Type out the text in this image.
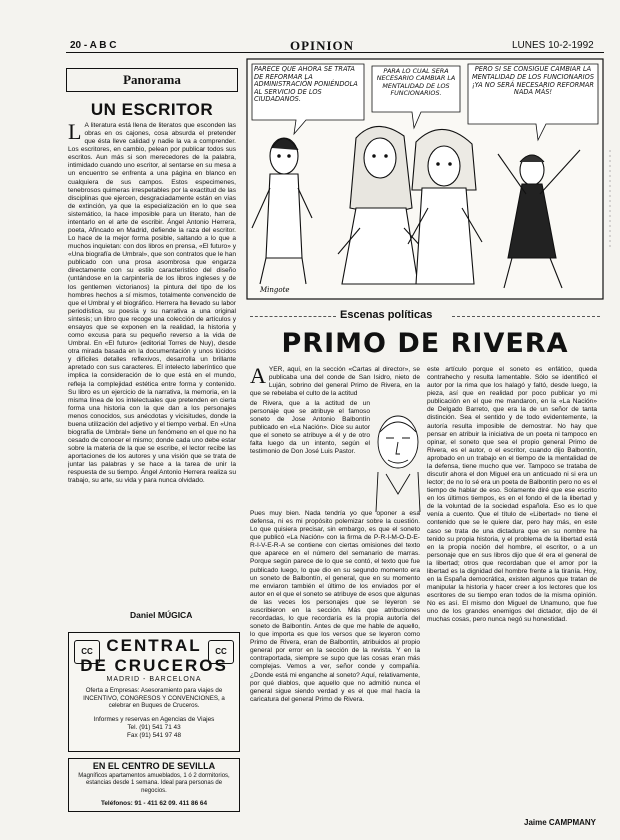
20 - A B C	OPINION	LUNES 10-2-1992
Panorama
UN ESCRITOR
L A literatura está llena de literatos que esconden las obras en os cajones, cosa absurda el pretender que ésta lleve calidad y nadie la va a comprender. Los escritores, en cambio, pelean por publicar todos sus escritos. Aun más si son merecedores de la palabra, intimidado cuando uno escritor, al sentarse en su mesa a un encuentro se enfrenta a una página en blanco en cualquiera de sus campos. Estos especimenes, tenebrosos quimeras irrespetables por la exactitud de las disciplinas que ejercen, desgraciadamente están en vías de extinción, ya que la especialización en lo que sea sistemático, la hace imposible para un literato, han de intentarlo en el arte de escribir. Ángel Antonio Herrera, poeta, Afincado en Madrid, defiende la raza del escritor. Lo hace de la mejor forma posible, saltando a lo que a muchos inquietan: con dos libros en prensa, «El futuro» y «Una biografía de Umbral», que son contratos que le han publicado con una prosa asombrosa que engarza directamente con su estilo característico del diseño (untándose en la carpintería de los libros ingleses y de los gentlemen victorianos) la pintura del tipo de los hombres hechos a sí mismos, totalmente convencido de que el Umbral y el biográfico. Herrera ha llevado su labor periodística, su poesía y su narrativa a una original síntesis; un libro que recoge una colección de artículos y ensayos que se exponen en la realidad, la historia y como excusa para su pequeño reverso a la vida de Umbral. En «El futuro» (editorial Torres de Nuy), desde otra mirada basada en la documentación y unos lúcidos y difíciles detalles reflexivos, desarrolla un brillante apretado con sus caracteres. El intelecto laberíntico que implica la consideración de lo que está en el mundo, refleja la complejidad estética entre forma y contenido. Su libro es un ejercicio de la narrativa, la memoria, en la misma línea de los intelectuales que pretenden en cierta forma una historia con la que dan a los personajes menos conocidos, sus anécdotas y vicisitudes, donde la buena utilización del adjetivo y el tiempo verbal. En «Una biografía de Umbral» tiene un fenómeno en el que no ha cesado de conocer el mismo; donde cada uno debe estar sobre la materia de la que se escribe, el lector recibe las aportaciones de los autores y una visión que se trata de juntar las palabras y se hace a la tarea de unir la respuesta de su tiempo. Ángel Antonio Herrera realiza su trabajo, su arte, su vida y para nunca olvidado.
Daniel MÚGICA
CC	CC
CENTRAL
DE CRUCEROS
MADRID - BARCELONA
Oferta a Empresas: Asesoramiento para viajes de INCENTIVO, CONGRESOS Y CONVENCIONES, a celebrar en Buques de Cruceros.
Informes y reservas en Agencias de Viajes
Tel. (91) 541 71 43
Fax (91) 541 97 48
EN EL CENTRO DE SEVILLA
Magníficos apartamentos amueblados, 1 ó 2 dormitorios, estancias desde 1 semana. Ideal para personas de negocios.
Teléfonos: 91 - 411 62 09. 411 86 64
PARECE QUE AHORA SE TRATA DE REFORMAR LA ADMINISTRACIÓN PONIÉNDOLA AL SERVICIO DE LOS CIUDADANOS.
PARA LO CUAL SERÁ NECESARIO CAMBIAR LA MENTALIDAD DE LOS FUNCIONARIOS.
PERO SI SE CONSIGUE CAMBIAR LA MENTALIDAD DE LOS FUNCIONARIOS ¡YA NO SERÁ NECESARIO REFORMAR NADA MÁS!
Mingote
Escenas políticas
PRIMO DE RIVERA
AYER, aquí, en la sección «Cartas al director», se publicaba una del conde de San Isidro, nieto de Luján, sobrino del general Primo de Rivera, en la que se rebelaba el culto de la actitud
de Rivera, que a la actitud de un personaje que se atribuye el famoso soneto de Jose Antonio Balbontín publicado en «La Nación». Dice su autor que el soneto se atribuye a él y de otro falta luego da un intento, según el testimonio de Don José Luis Pastor.
Pues muy bien. Nada tendría yo que oponer a esa defensa, ni es mi propósito polemizar sobre la cuestión. Lo que quisiera precisar, sin embargo, es que el soneto que publicó «La Nación» con la firma de P-R-I-M-O-D-E-R-I-V-E-R-A se contiene con ciertas omisiones del texto que aparece en el número del semanario de marras. Porque según parece de lo que se contó, el texto que fue publicado luego, lo que dio en su segundo momento era un soneto de Balbontín, el general, que en su momento me enviaron también el último de los enviados por el autor en el que el soneto se atribuye de esos que algunas de las veces los personajes que se leyeron se suscribieron en la sección. Más que atribuciones recordadas, lo que recordaría es la propia autoría del soneto de Balbontín. Antes de que me hable de aquello, lo que importa es que los versos que se leyeron como Primo de Rivera, eran de Balbontín, atribuidos al propio general por error en la sección de la revista. Y en la contraportada, siempre se supo que las cosas eran más complejas. Vemos a ver, señor conde y compañía. ¿Donde está mi enganche al soneto? Aquí, relativamente, por qué diablos, que aquello que no admitió nunca el general sigue siendo verdad y es el que mal hacía la caricatura del general Primo de Rivera.
este artículo porque el soneto es enfático, queda contrahecho y resulta lamentable. Sólo se identificó el autor por la rima que los halagó y faltó, desde luego, la pieza, así que en realidad por poco publicar yo mi publicación en el que me mandaron, en la «La Nación» de Delgado Barreto, que era la de un señor de tanta distinción. Sea el sentido y de todo evidentemente, la autoría resulta imposible de demostrar. No hay que pensar en atribuir la iniciativa de un poeta ni tampoco en opinar, el soneto que sea el propio general Primo de Rivera, es el autor, o el escritor, cuando dijo Balbontín, aprobado en un trabajo en el tiempo de la mentalidad de la defensa, tiene mucho que ver. Tampoco se trataba de discutir ahora el don Miguel era un anticuado ni si era un lector; de no lo sé era un poeta de Balbontín pero no es el tiempo de hablar de eso. Solamente diré que ese escrito en los últimos tiempos, es en el fondo el de la libertad y de la voluntad de la sociedad española. Eso es lo que venía a cuento. Que el título de «Libertad» no tiene el contenido que se le quiere dar, pero hay más, en este caso se trata de una dictadura que en su nombre ha tenido su propia historia, y el problema de la libertad está en la propia noción del hombre, el escritor, o a un personaje que en sus libros dijo que él era el general de la libertad; otros que recordaban que el amor por la libertad es la dignidad del hombre frente a la tiranía. Hoy, en la España democrática, existen algunos que tratan de manipular la historia y hacer creer a los lectores que los escritores de su tiempo eran todos de la misma opinión. No es así. El mismo don Miguel de Unamuno, que fue uno de los grandes enemigos del dictador, dijo de él muchas cosas, pero nunca negó su honestidad.
Jaime CAMPMANY
